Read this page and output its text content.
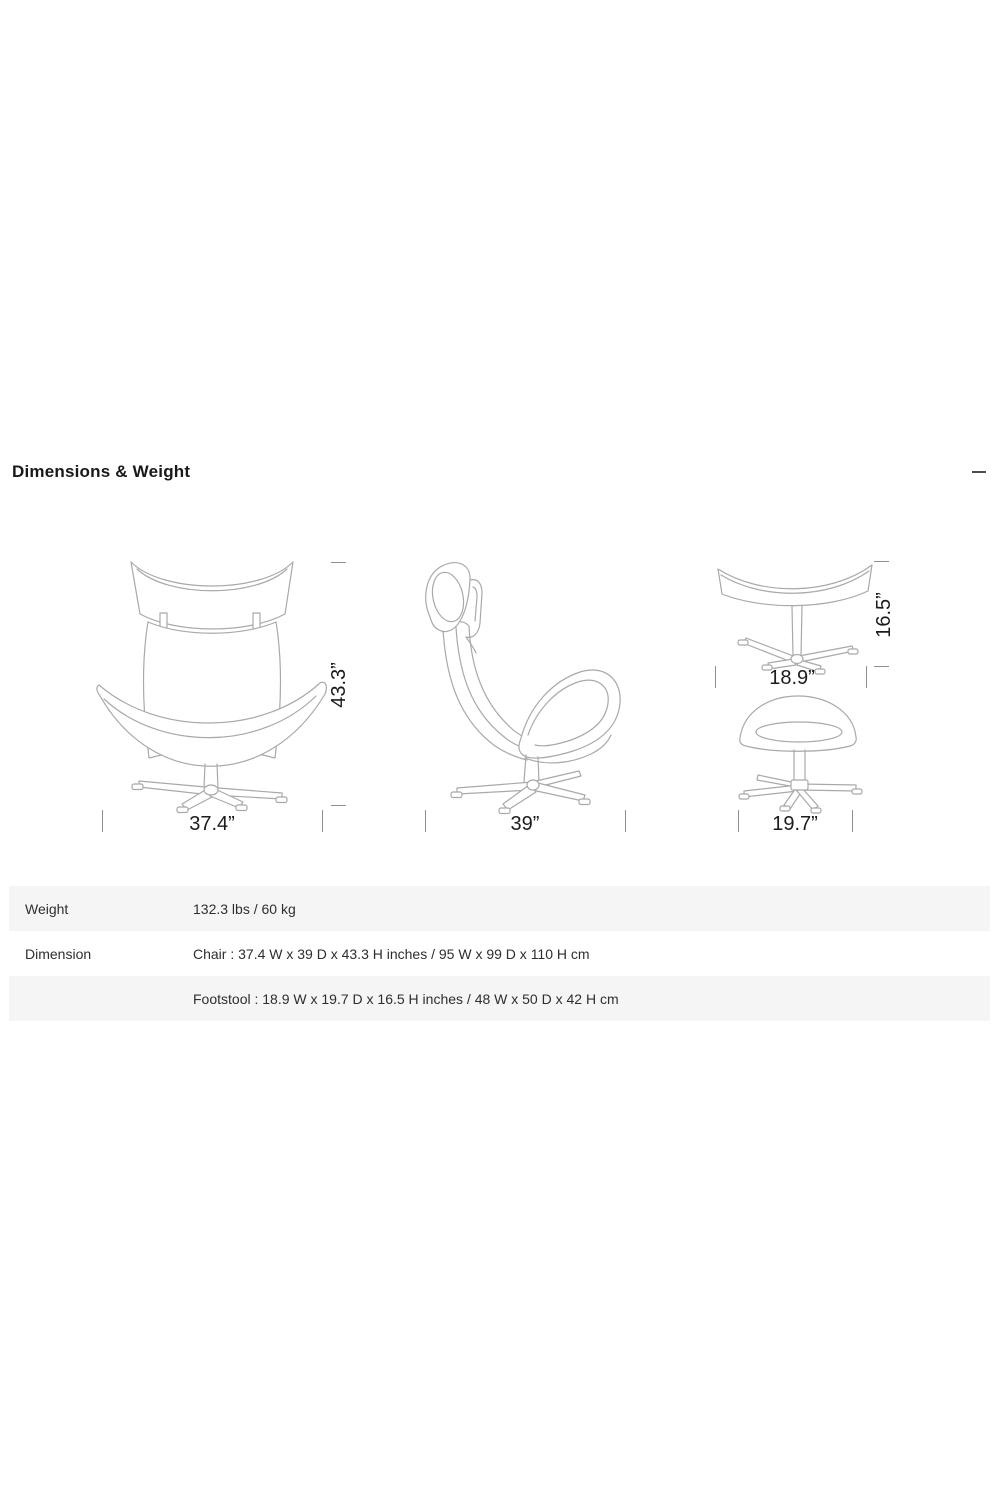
Dimensions & Weight
37.4”
43.3”
39”
16.5”
18.9”
19.7”
Weight	132.3 lbs / 60 kg
Dimension	Chair : 37.4 W x 39 D x 43.3 H inches / 95 W x 99 D x 110 H cm
Footstool : 18.9 W x 19.7 D x 16.5 H inches / 48 W x 50 D x 42 H cm
